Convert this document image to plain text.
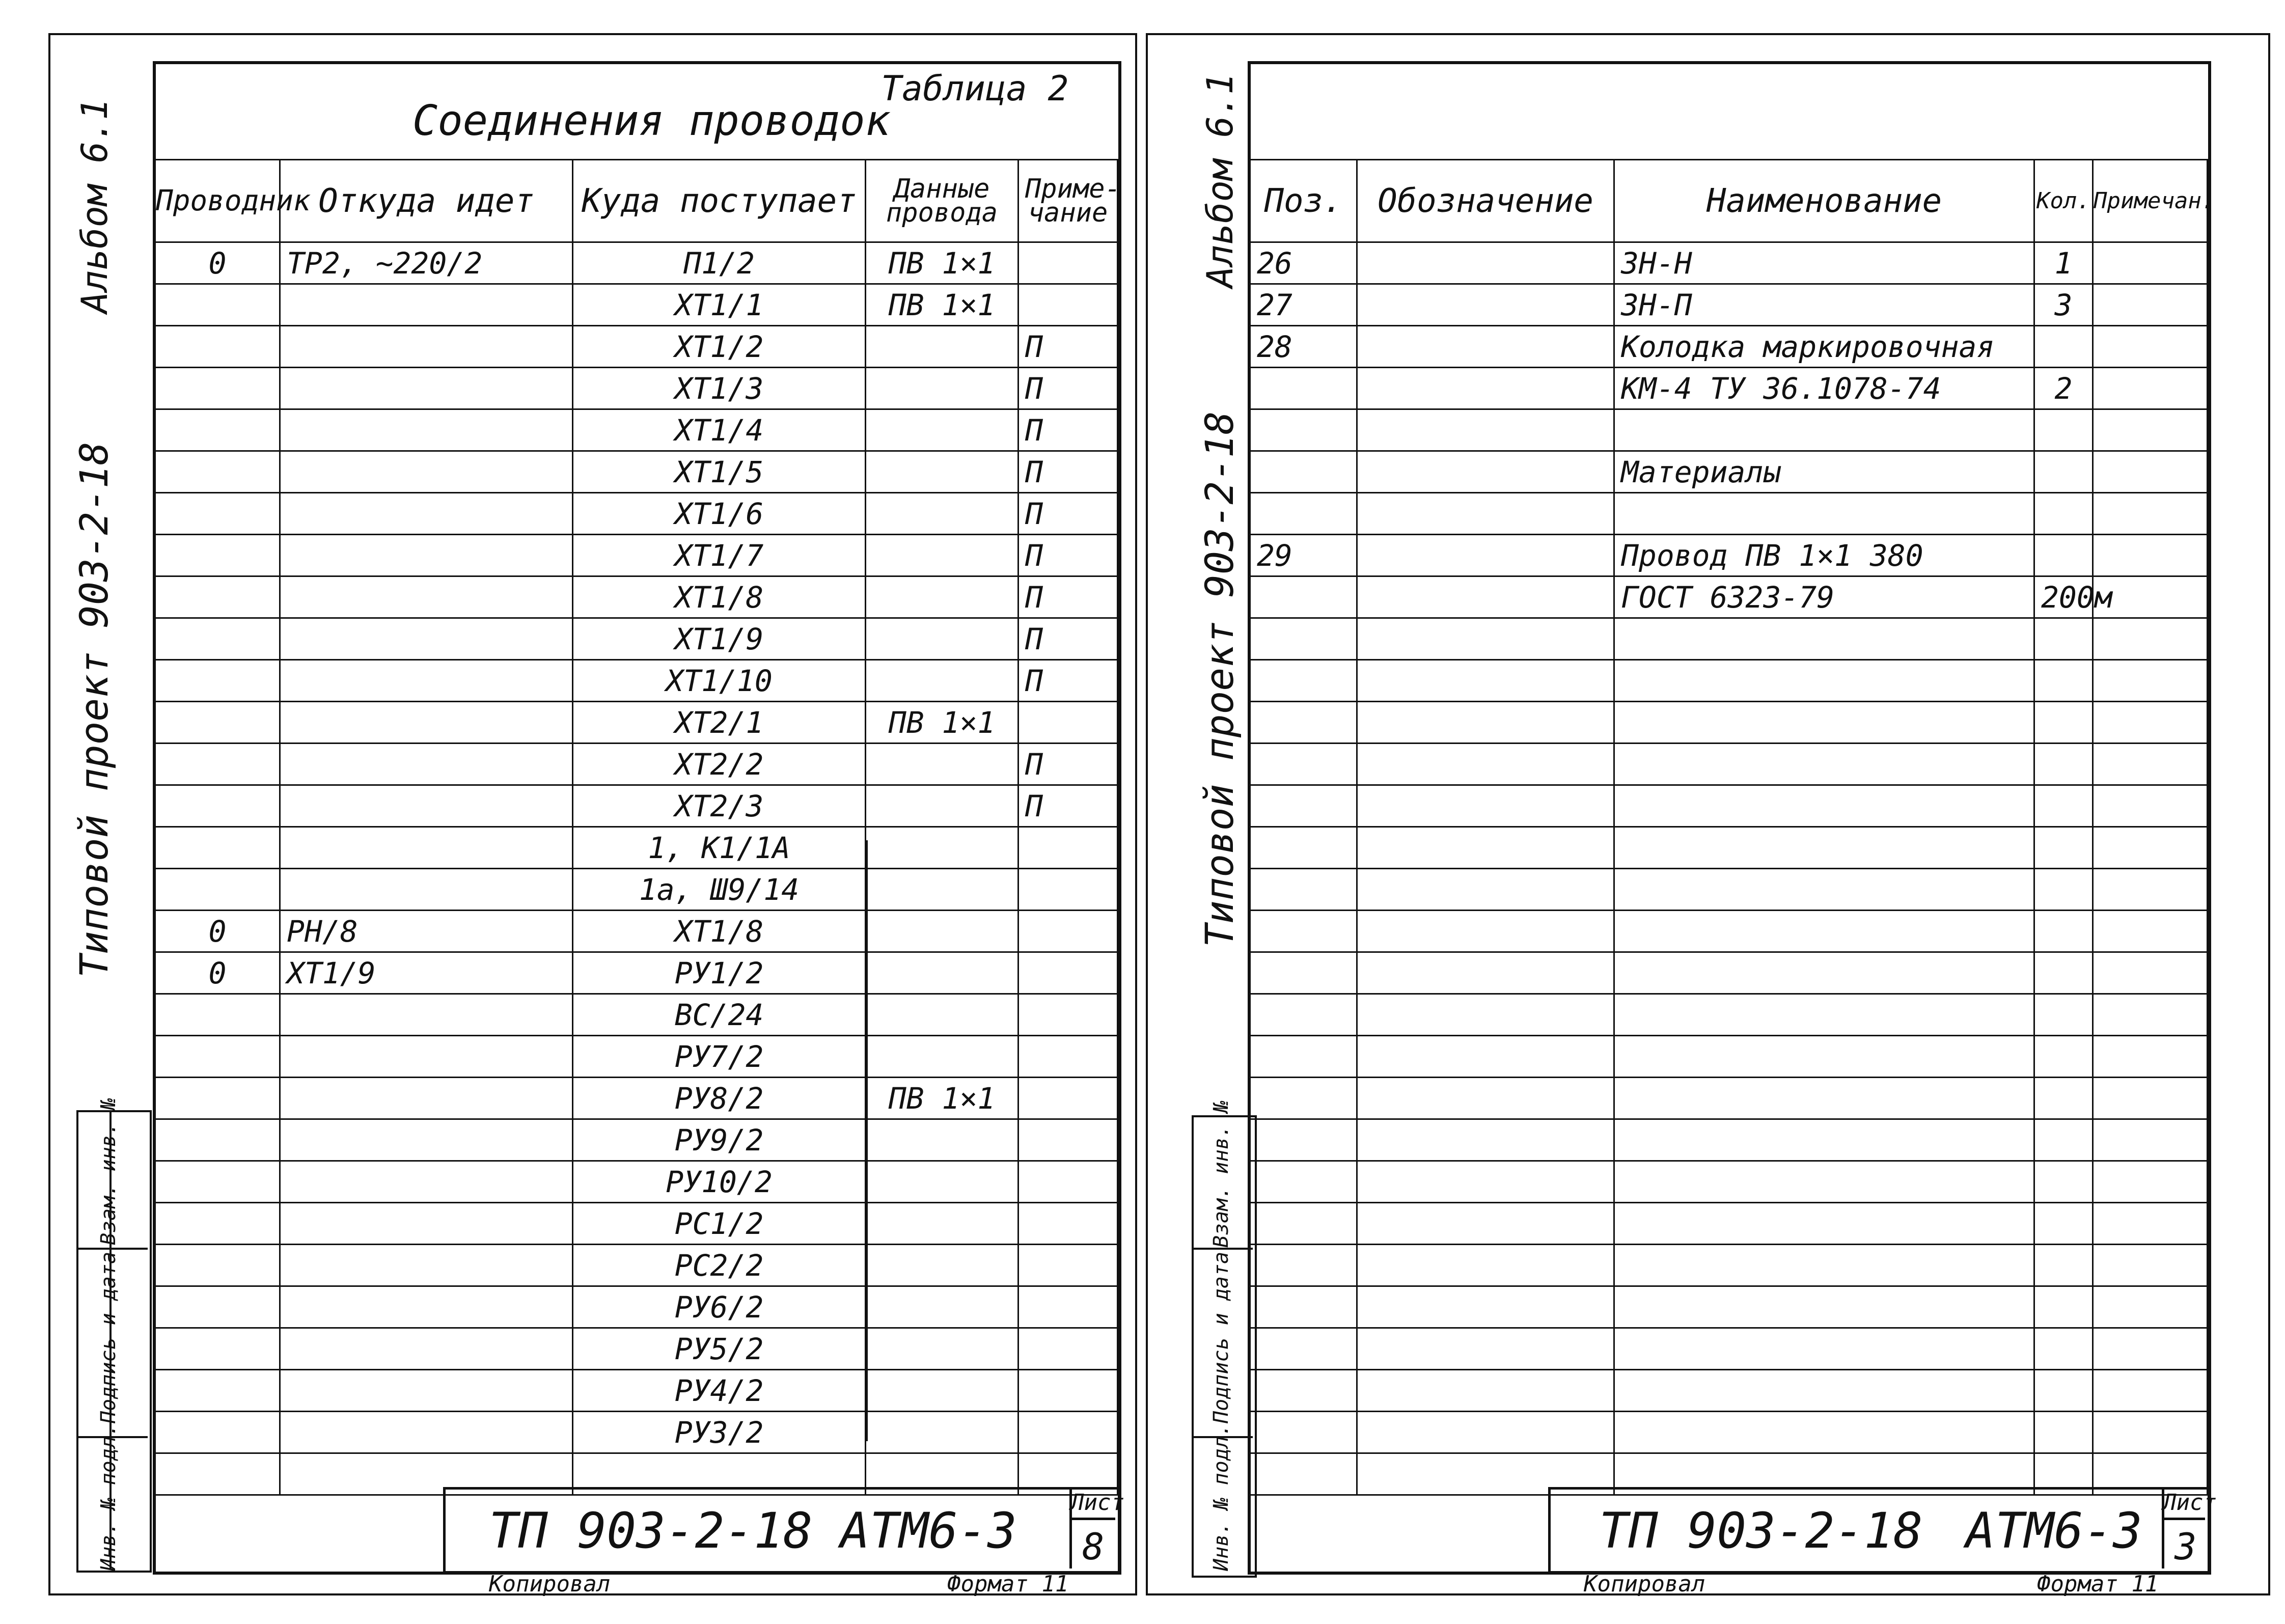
Альбом 6.1
Типовой проект 903-2-18
Взам. инв. №
Подпись и дата
Инв. № подл.
Таблица 2
Соединения проводок
Проводник	Откуда идет	Куда поступает	Данные провода	Приме- чание
0	ТР2, ~220/2	П1/2	ПВ 1×1	
		ХТ1/1	ПВ 1×1	
		ХТ1/2		П
		ХТ1/3		П
		ХТ1/4		П
		ХТ1/5		П
		ХТ1/6		П
		ХТ1/7		П
		ХТ1/8		П
		ХТ1/9		П
		ХТ1/10		П
		ХТ2/1	ПВ 1×1	
		ХТ2/2		П
		ХТ2/3		П
		1, К1/1А		
		1а, Ш9/14		
0	РН/8	ХТ1/8		
0	ХТ1/9	РУ1/2		
		ВС/24		
		РУ7/2		
		РУ8/2	ПВ 1×1	
		РУ9/2		
		РУ10/2		
		РС1/2		
		РС2/2		
		РУ6/2		
		РУ5/2		
		РУ4/2		
		РУ3/2		

ТП 903-2-18 АТМ6-3 Лист
8
Копировал	Формат 11
Альбом 6.1
Типовой проект 903-2-18
Взам. инв. №
Подпись и дата
Инв. № подл.
Поз.	Обозначение	Наименование	Кол.	Примечан.
26		ЗН-Н	1	
27		ЗН-П	3	
28		Колодка маркировочная		
		КМ-4 ТУ 36.1078-74	2	

		Материалы		

29		Провод ПВ 1×1 380		
		ГОСТ 6323-79	200м	

ТП 903-2-18 АТМ6-3 Лист
3
Копировал	Формат 11
